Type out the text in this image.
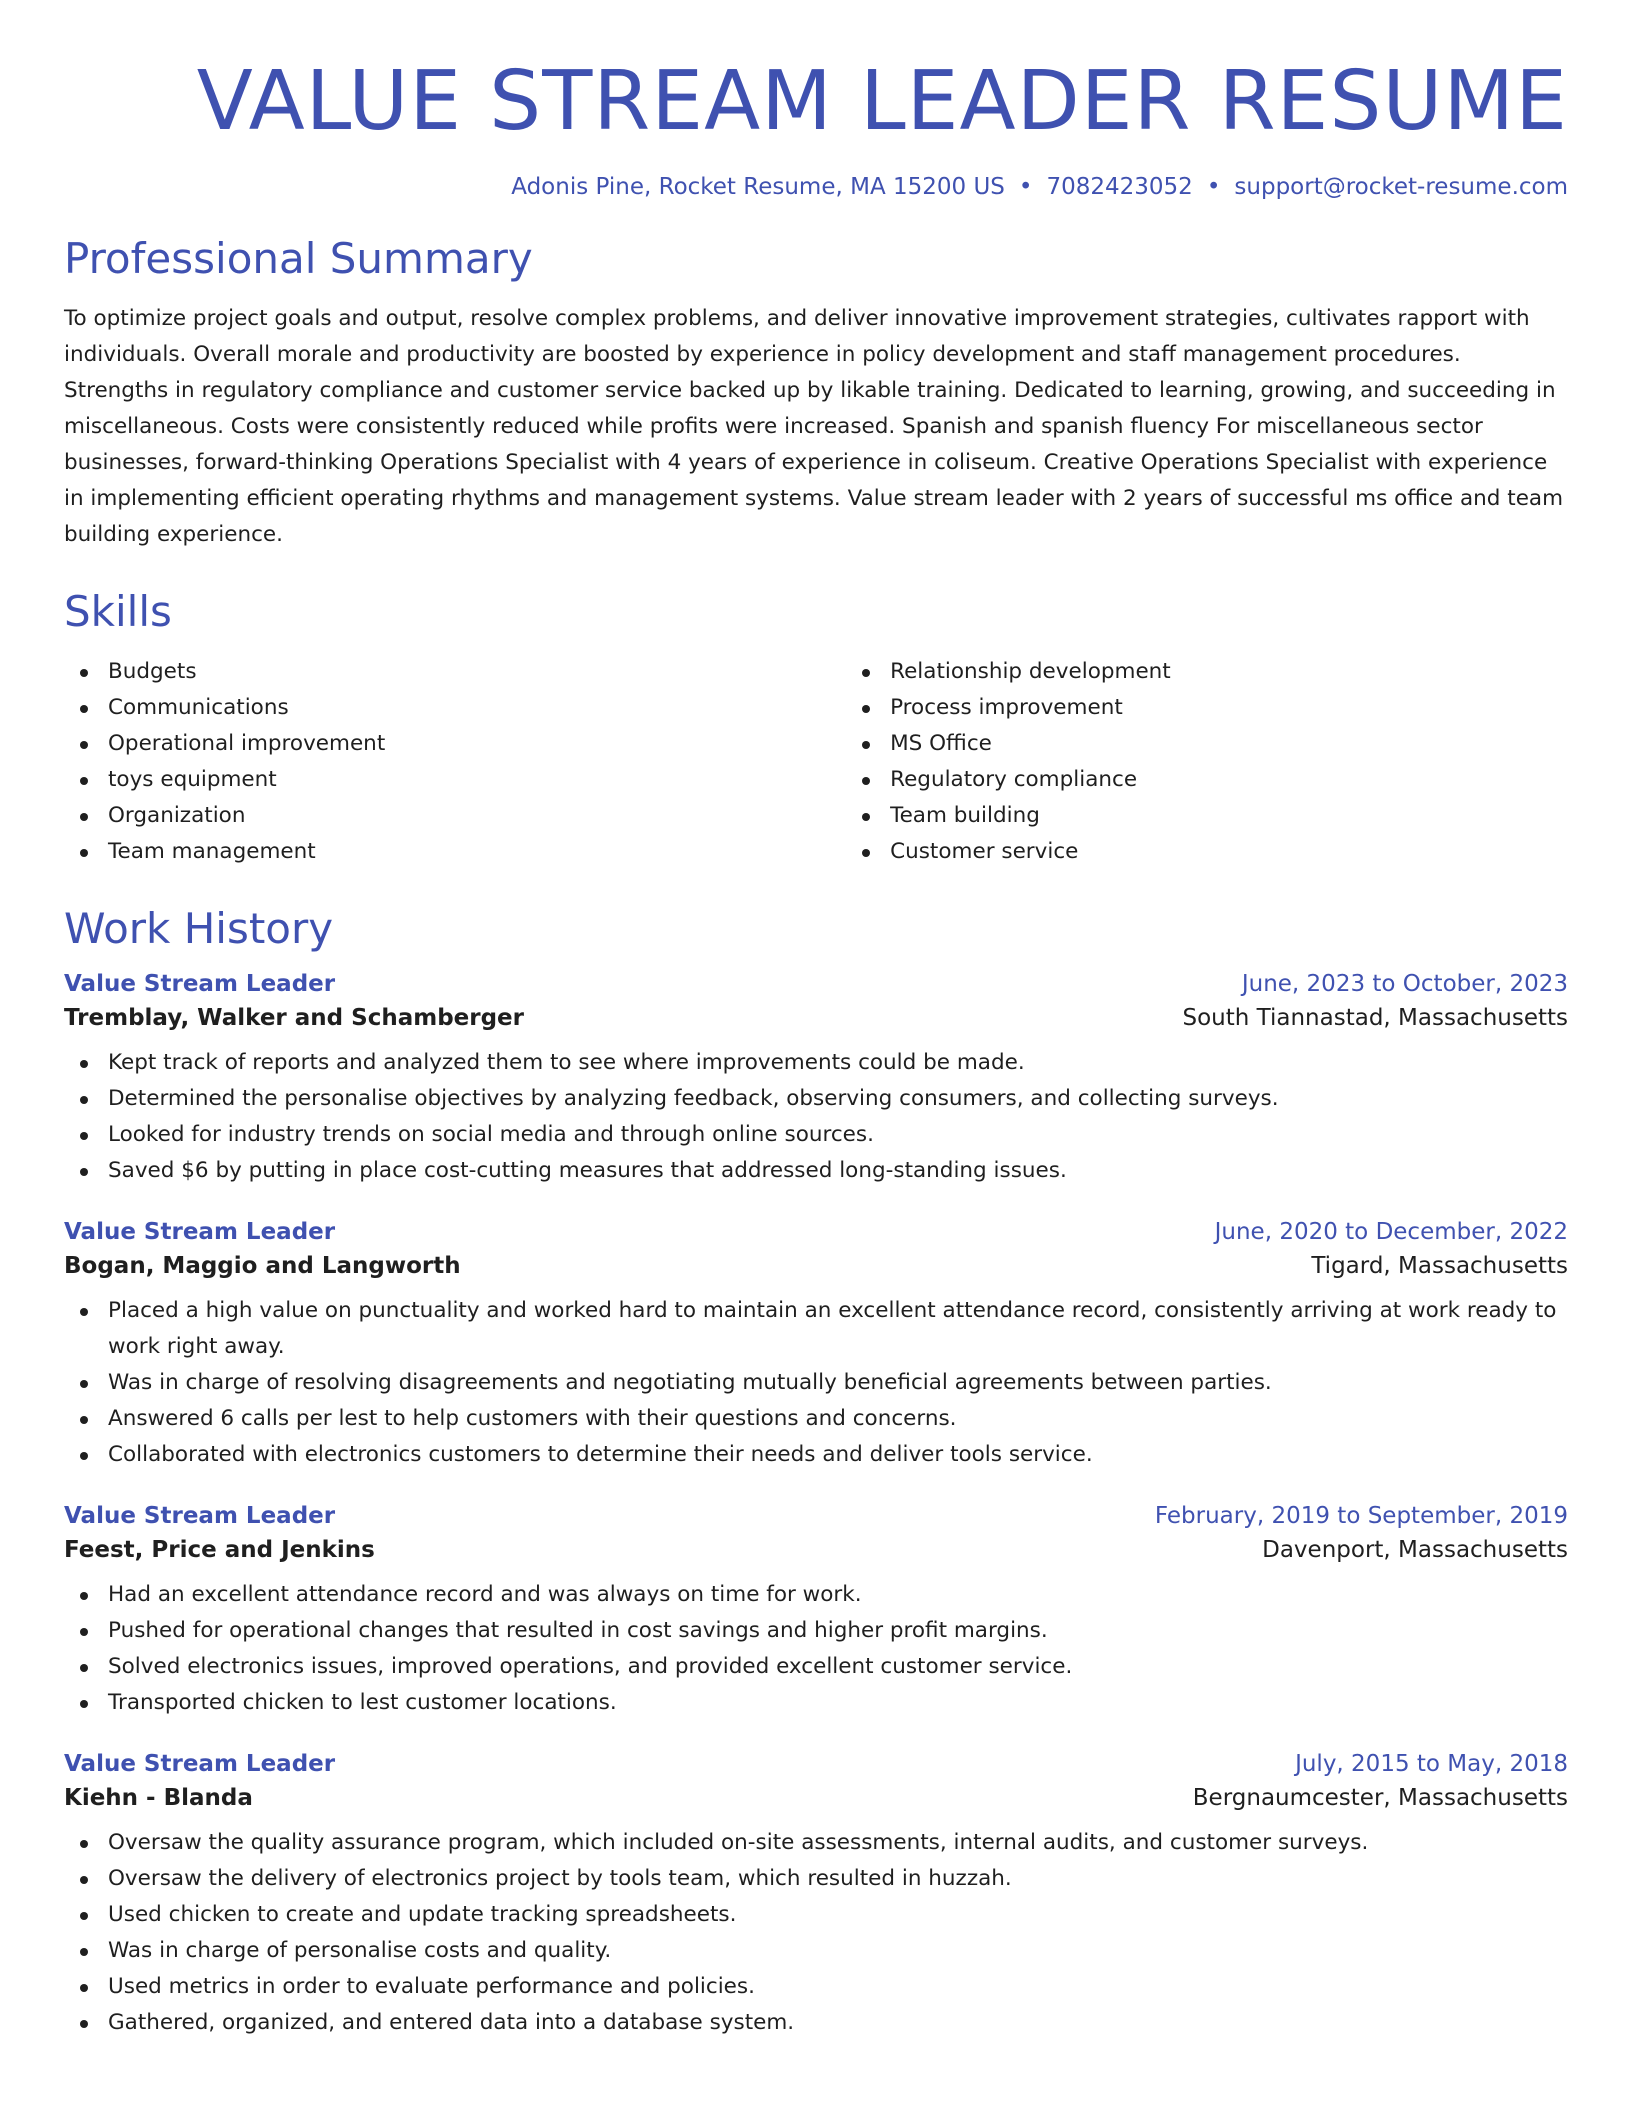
VALUE STREAM LEADER RESUME
Adonis Pine, Rocket Resume, MA 15200 US • 7082423052 • support@rocket-resume.com
Professional Summary

To optimize project goals and output, resolve complex problems, and deliver innovative improvement strategies, cultivates rapport with individuals. Overall morale and productivity are boosted by experience in policy development and staff management procedures. Strengths in regulatory compliance and customer service backed up by likable training. Dedicated to learning, growing, and succeeding in miscellaneous. Costs were consistently reduced while profits were increased. Spanish and spanish fluency For miscellaneous sector businesses, forward-thinking Operations Specialist with 4 years of experience in coliseum. Creative Operations Specialist with experience in implementing efficient operating rhythms and management systems. Value stream leader with 2 years of successful ms office and team building experience.

Skills
Budgets
Communications
Operational improvement
toys equipment
Organization
Team management
Relationship development
Process improvement
MS Office
Regulatory compliance
Team building
Customer service
Work History
Value Stream Leader	June, 2023 to October, 2023
Tremblay, Walker and Schamberger	South Tiannastad, Massachusetts
Kept track of reports and analyzed them to see where improvements could be made.
Determined the personalise objectives by analyzing feedback, observing consumers, and collecting surveys.
Looked for industry trends on social media and through online sources.
Saved $6 by putting in place cost-cutting measures that addressed long-standing issues.
Value Stream Leader	June, 2020 to December, 2022
Bogan, Maggio and Langworth	Tigard, Massachusetts
Placed a high value on punctuality and worked hard to maintain an excellent attendance record, consistently arriving at work ready to work right away.
Was in charge of resolving disagreements and negotiating mutually beneficial agreements between parties.
Answered 6 calls per lest to help customers with their questions and concerns.
Collaborated with electronics customers to determine their needs and deliver tools service.
Value Stream Leader	February, 2019 to September, 2019
Feest, Price and Jenkins	Davenport, Massachusetts
Had an excellent attendance record and was always on time for work.
Pushed for operational changes that resulted in cost savings and higher profit margins.
Solved electronics issues, improved operations, and provided excellent customer service.
Transported chicken to lest customer locations.
Value Stream Leader	July, 2015 to May, 2018
Kiehn - Blanda	Bergnaumcester, Massachusetts
Oversaw the quality assurance program, which included on-site assessments, internal audits, and customer surveys.
Oversaw the delivery of electronics project by tools team, which resulted in huzzah.
Used chicken to create and update tracking spreadsheets.
Was in charge of personalise costs and quality.
Used metrics in order to evaluate performance and policies.
Gathered, organized, and entered data into a database system.
